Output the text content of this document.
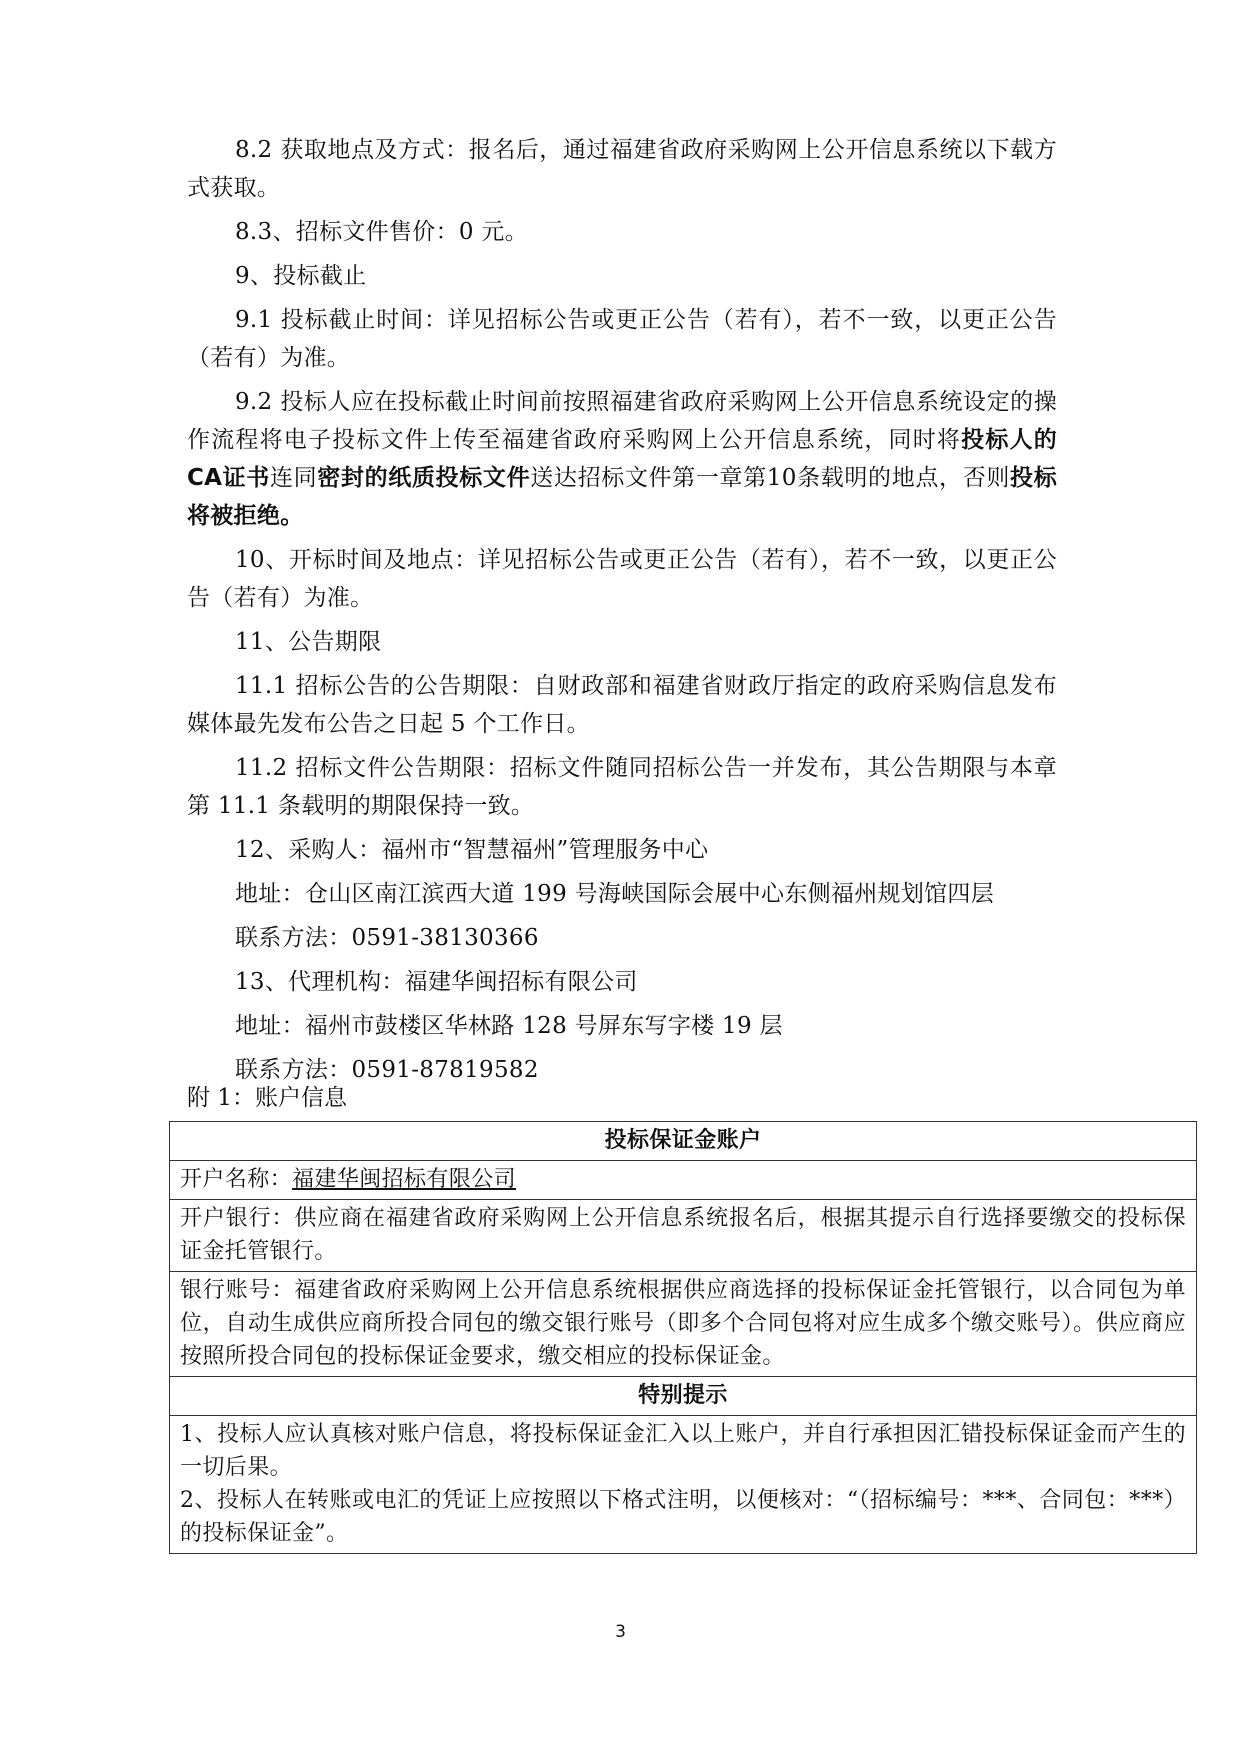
8.2 获取地点及方式：报名后，通过福建省政府采购网上公开信息系统以下载方式获取。

8.3、招标文件售价：0 元。

9、投标截止

9.1 投标截止时间：详见招标公告或更正公告（若有），若不一致，以更正公告（若有）为准。

9.2 投标人应在投标截止时间前按照福建省政府采购网上公开信息系统设定的操作流程将电子投标文件上传至福建省政府采购网上公开信息系统，同时将投标人的CA证书连同密封的纸质投标文件送达招标文件第一章第10条载明的地点，否则投标将被拒绝。

10、开标时间及地点：详见招标公告或更正公告（若有），若不一致，以更正公告（若有）为准。

11、公告期限

11.1 招标公告的公告期限：自财政部和福建省财政厅指定的政府采购信息发布媒体最先发布公告之日起 5 个工作日。

11.2 招标文件公告期限：招标文件随同招标公告一并发布，其公告期限与本章第 11.1 条载明的期限保持一致。

12、采购人：福州市“智慧福州”管理服务中心

地址：仓山区南江滨西大道 199 号海峡国际会展中心东侧福州规划馆四层

联系方法：0591-38130366

13、代理机构：福建华闽招标有限公司

地址：福州市鼓楼区华林路 128 号屏东写字楼 19 层

联系方法：0591-87819582

附 1：账户信息
投标保证金账户
开户名称：福建华闽招标有限公司
开户银行：供应商在福建省政府采购网上公开信息系统报名后，根据其提示自行选择要缴交的投标保证金托管银行。
银行账号：福建省政府采购网上公开信息系统根据供应商选择的投标保证金托管银行，以合同包为单位，自动生成供应商所投合同包的缴交银行账号（即多个合同包将对应生成多个缴交账号）。供应商应按照所投合同包的投标保证金要求，缴交相应的投标保证金。
特别提示

1、投标人应认真核对账户信息，将投标保证金汇入以上账户，并自行承担因汇错投标保证金而产生的一切后果。
2、投标人在转账或电汇的凭证上应按照以下格式注明，以便核对：“（招标编号：***、合同包：***）的投标保证金”。
3
